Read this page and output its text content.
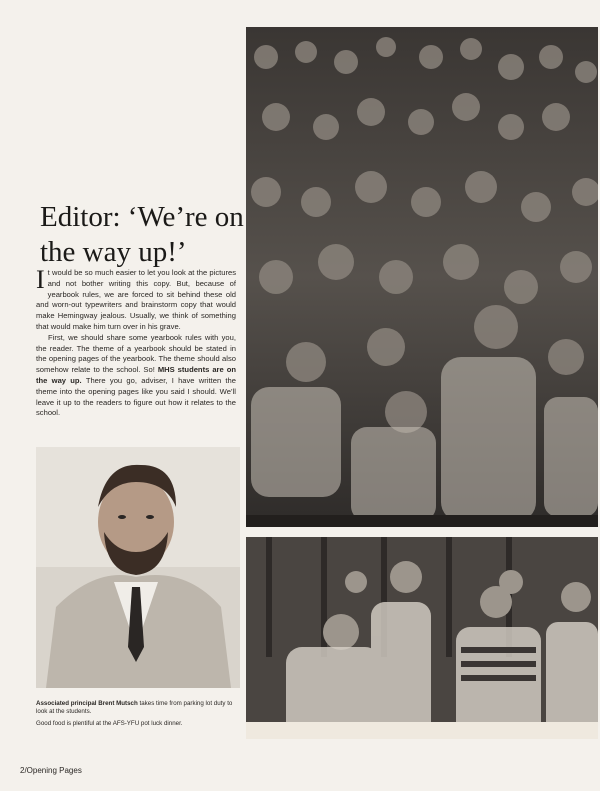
Editor: ‘We’re on
the way up!’

It would be so much easier to let you look at the pictures and not bother writing this copy. But, because of yearbook rules, we are forced to sit behind these old and worn-out typewriters and brainstorm copy that would make Hemingway jealous. Usually, we think of something that would make him turn over in his grave.

First, we should share some yearbook rules with you, the reader. The theme of a yearbook should be stated in the opening pages of the yearbook. The theme should also somehow relate to the school. So! MHS students are on the way up. There you go, adviser, I have written the theme into the opening pages like you said I should. We’ll leave it up to the readers to figure out how it relates to the school.

Associated principal Brent Mutsch takes time from parking lot duty to look at the students.
Good food is plentiful at the AFS-YFU pot luck dinner.
2/Opening Pages
